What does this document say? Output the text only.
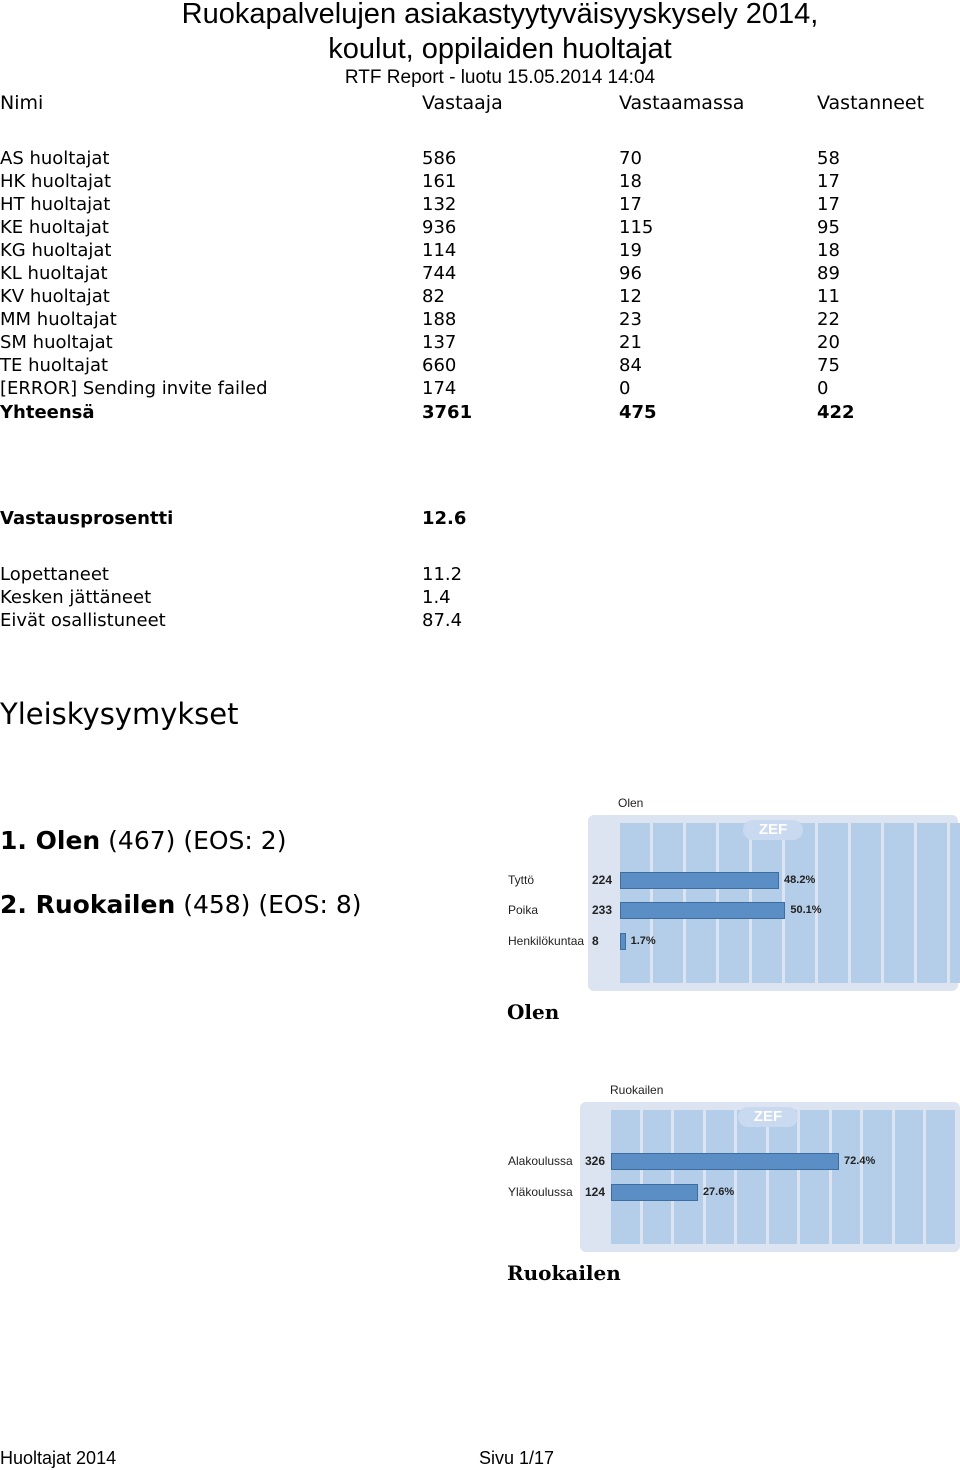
Ruokapalvelujen asiakastyytyväisyyskysely 2014,
koulut, oppilaiden huoltajat
RTF Report - luotu 15.05.2014 14:04
Nimi	Vastaaja	Vastaamassa	Vastanneet
AS huoltajat	586	70	58
HK huoltajat	161	18	17
HT huoltajat	132	17	17
KE huoltajat	936	115	95
KG huoltajat	114	19	18
KL huoltajat	744	96	89
KV huoltajat	82	12	11
MM huoltajat	188	23	22
SM huoltajat	137	21	20
TE huoltajat	660	84	75
[ERROR] Sending invite failed	174	0	0
Yhteensä	3761	475	422
Vastausprosentti	12.6
Lopettaneet	11.2
Kesken jättäneet	1.4
Eivät osallistuneet	87.4
Yleiskysymykset
1. Olen (467) (EOS: 2)
2. Ruokailen (458) (EOS: 8)
Olen
ZEF
Tyttö	224	48.2%
Poika	233	50.1%
Henkilökuntaa 8	1.7%
Olen
Ruokailen
ZEF
Alakoulussa 326	72.4%
Yläkoulussa 124	27.6%
Ruokailen
Huoltajat 2014	Sivu 1/17
